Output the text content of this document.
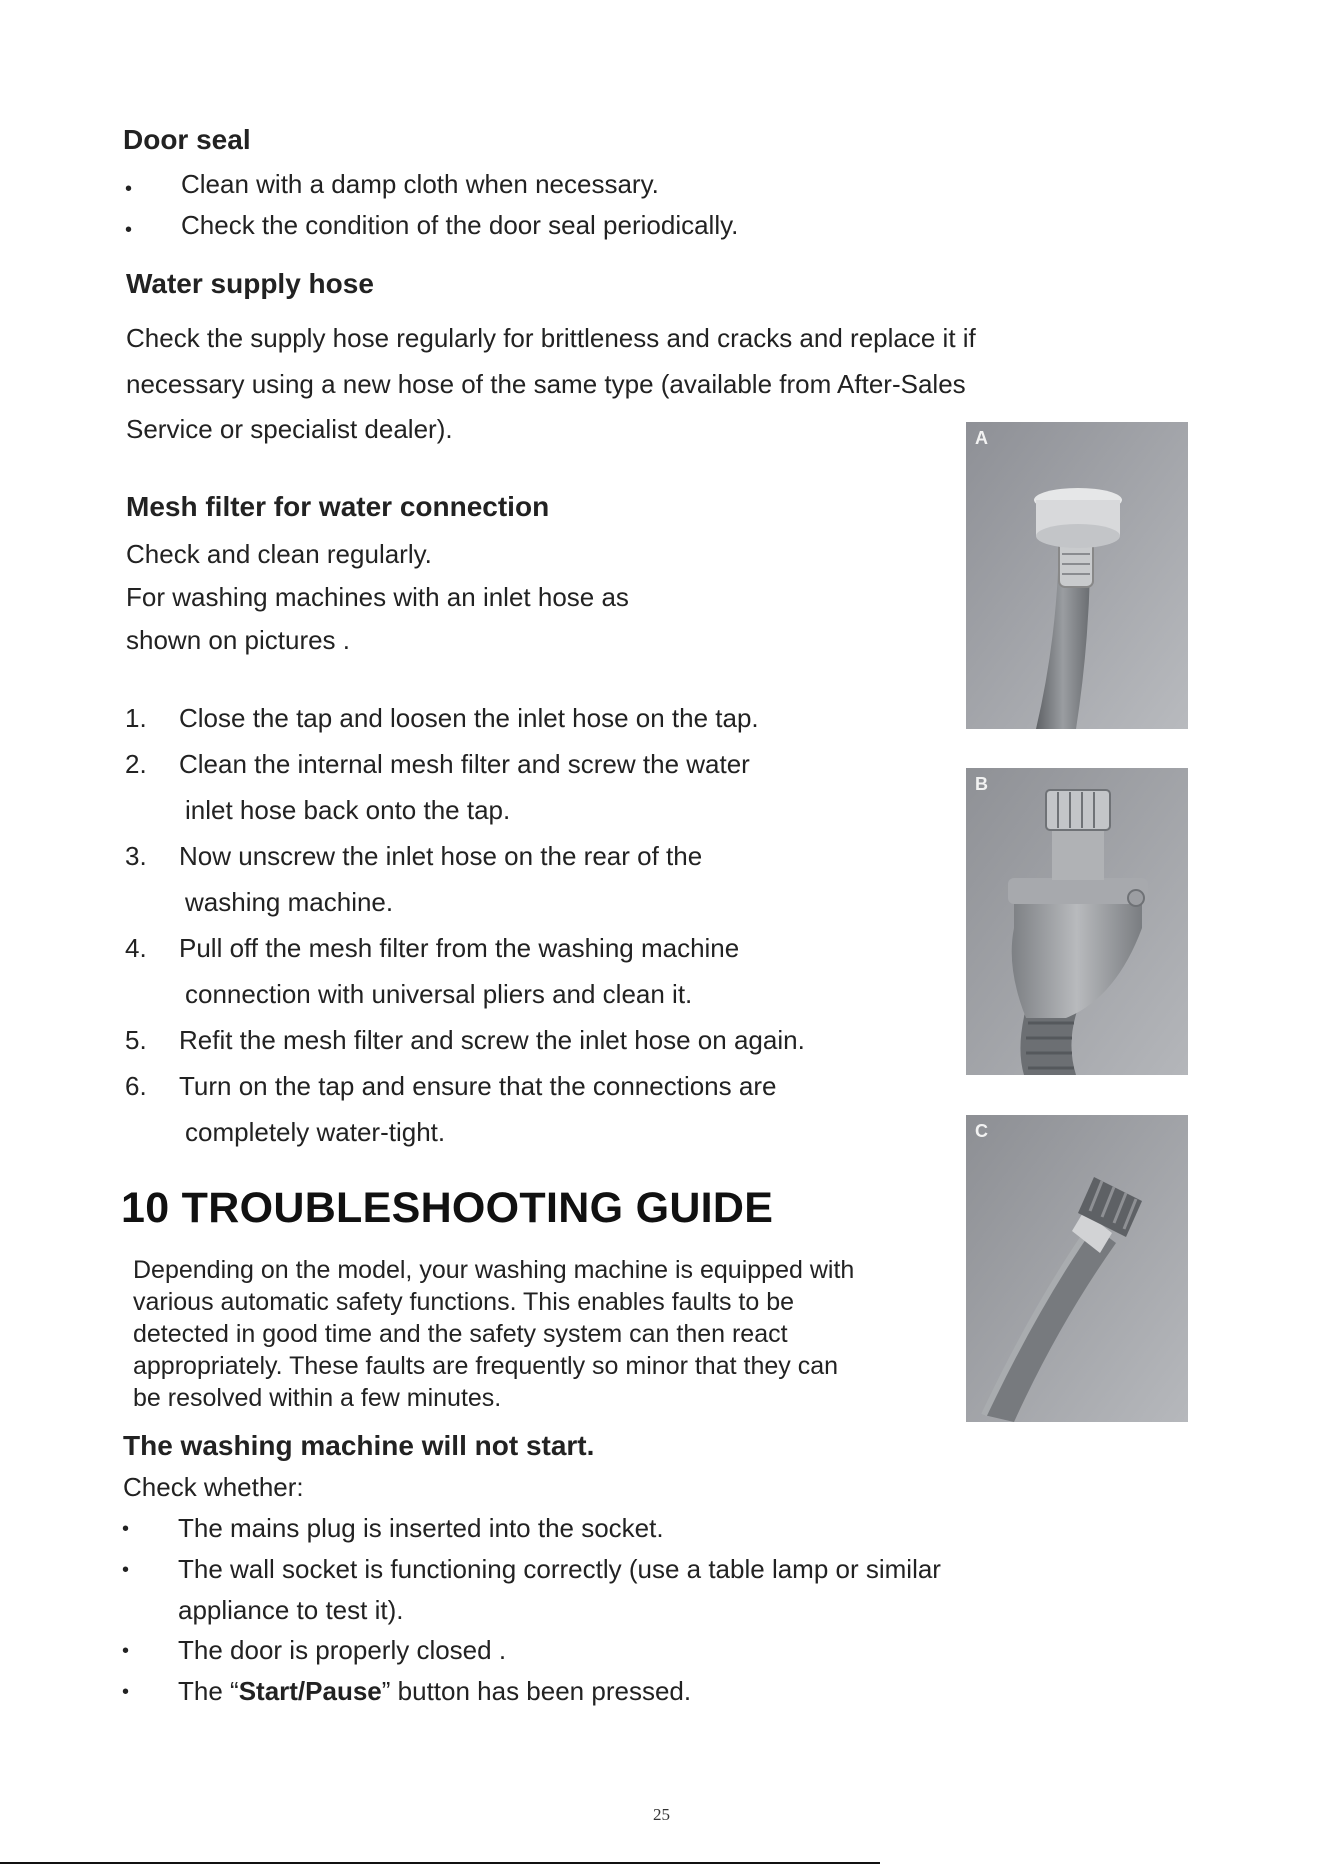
Door seal
• Clean with a damp cloth when necessary.
• Check the condition of the door seal periodically.
Water supply hose
Check the supply hose regularly for brittleness and cracks and replace it if
necessary using a new hose of the same type (available from After-Sales
Service or specialist dealer).
Mesh filter for water connection
Check and clean regularly.
For washing machines with an inlet hose as
shown on pictures .
1. Close the tap and loosen the inlet hose on the tap.
2. Clean the internal mesh filter and screw the water
inlet hose back onto the tap.
3. Now unscrew the inlet hose on the rear of the
washing machine.
4. Pull off the mesh filter from the washing machine
connection with universal pliers and clean it.
5. Refit the mesh filter and screw the inlet hose on again.
6. Turn on the tap and ensure that the connections are
completely water-tight.
10 TROUBLESHOOTING GUIDE
Depending on the model, your washing machine is equipped with
various automatic safety functions. This enables faults to be
detected in good time and the safety system can then react
appropriately. These faults are frequently so minor that they can
be resolved within a few minutes.
The washing machine will not start.
Check whether:
• The mains plug is inserted into the socket.
• The wall socket is functioning correctly (use a table lamp or similar
appliance to test it).
• The door is properly closed .
• The “Start/Pause” button has been pressed.
A
B
C
25
